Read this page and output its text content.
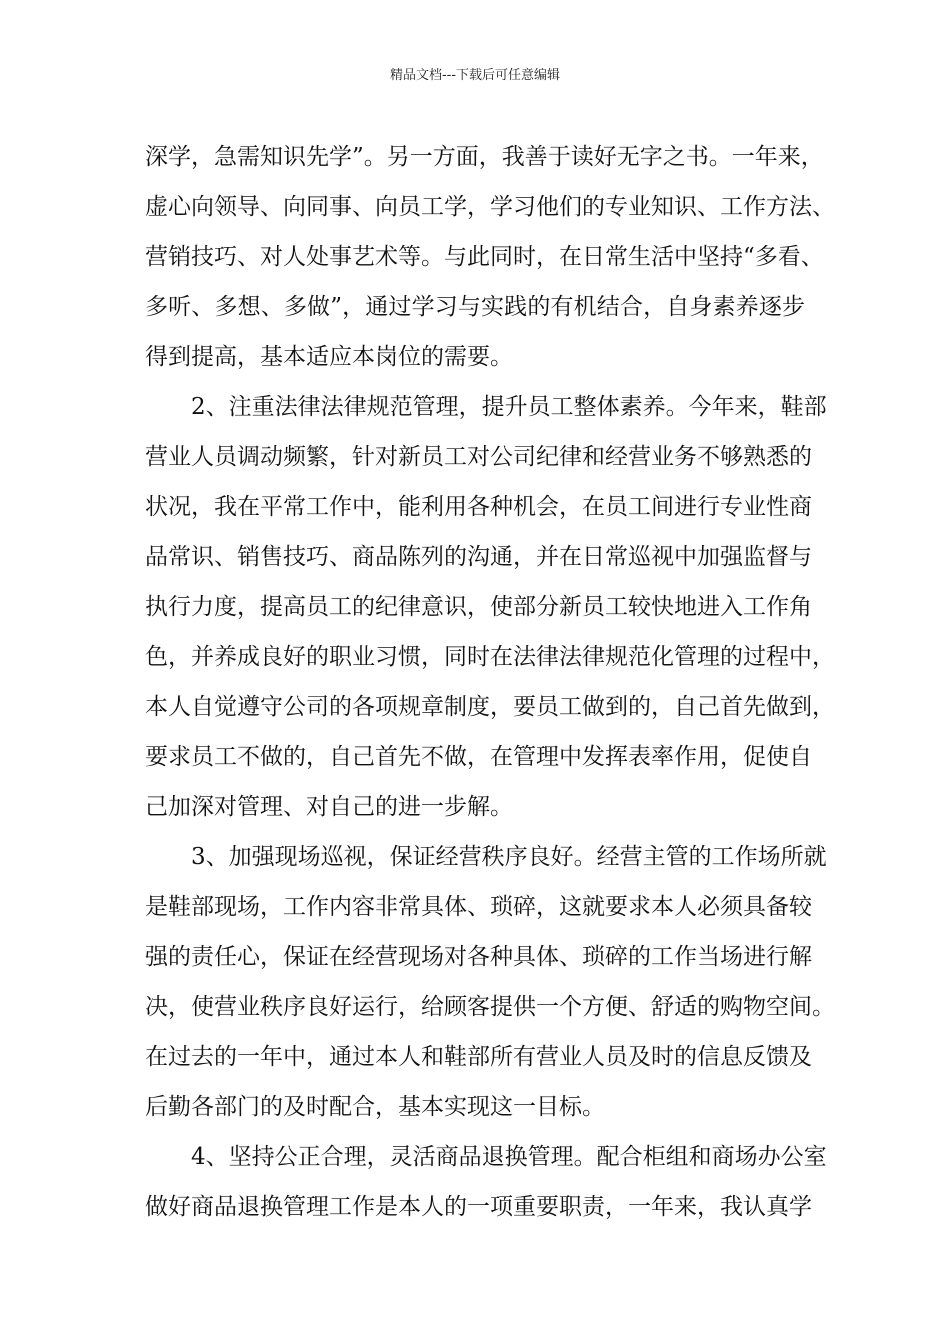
精品文档---下载后可任意编辑
深学，急需知识先学”。另一方面，我善于读好无字之书。一年来，
虚心向领导、向同事、向员工学，学习他们的专业知识、工作方法、
营销技巧、对人处事艺术等。与此同时，在日常生活中坚持“多看、
多听、多想、多做”，通过学习与实践的有机结合，自身素养逐步
得到提高，基本适应本岗位的需要。
2、注重法律法律规范管理，提升员工整体素养。今年来，鞋部
营业人员调动频繁，针对新员工对公司纪律和经营业务不够熟悉的
状况，我在平常工作中，能利用各种机会，在员工间进行专业性商
品常识、销售技巧、商品陈列的沟通，并在日常巡视中加强监督与
执行力度，提高员工的纪律意识，使部分新员工较快地进入工作角
色，并养成良好的职业习惯，同时在法律法律规范化管理的过程中，
本人自觉遵守公司的各项规章制度，要员工做到的，自己首先做到，
要求员工不做的，自己首先不做，在管理中发挥表率作用，促使自
己加深对管理、对自己的进一步解。
3、加强现场巡视，保证经营秩序良好。经营主管的工作场所就
是鞋部现场，工作内容非常具体、琐碎，这就要求本人必须具备较
强的责任心，保证在经营现场对各种具体、琐碎的工作当场进行解
决，使营业秩序良好运行，给顾客提供一个方便、舒适的购物空间。
在过去的一年中，通过本人和鞋部所有营业人员及时的信息反馈及
后勤各部门的及时配合，基本实现这一目标。
4、坚持公正合理，灵活商品退换管理。配合柜组和商场办公室
做好商品退换管理工作是本人的一项重要职责，一年来，我认真学
